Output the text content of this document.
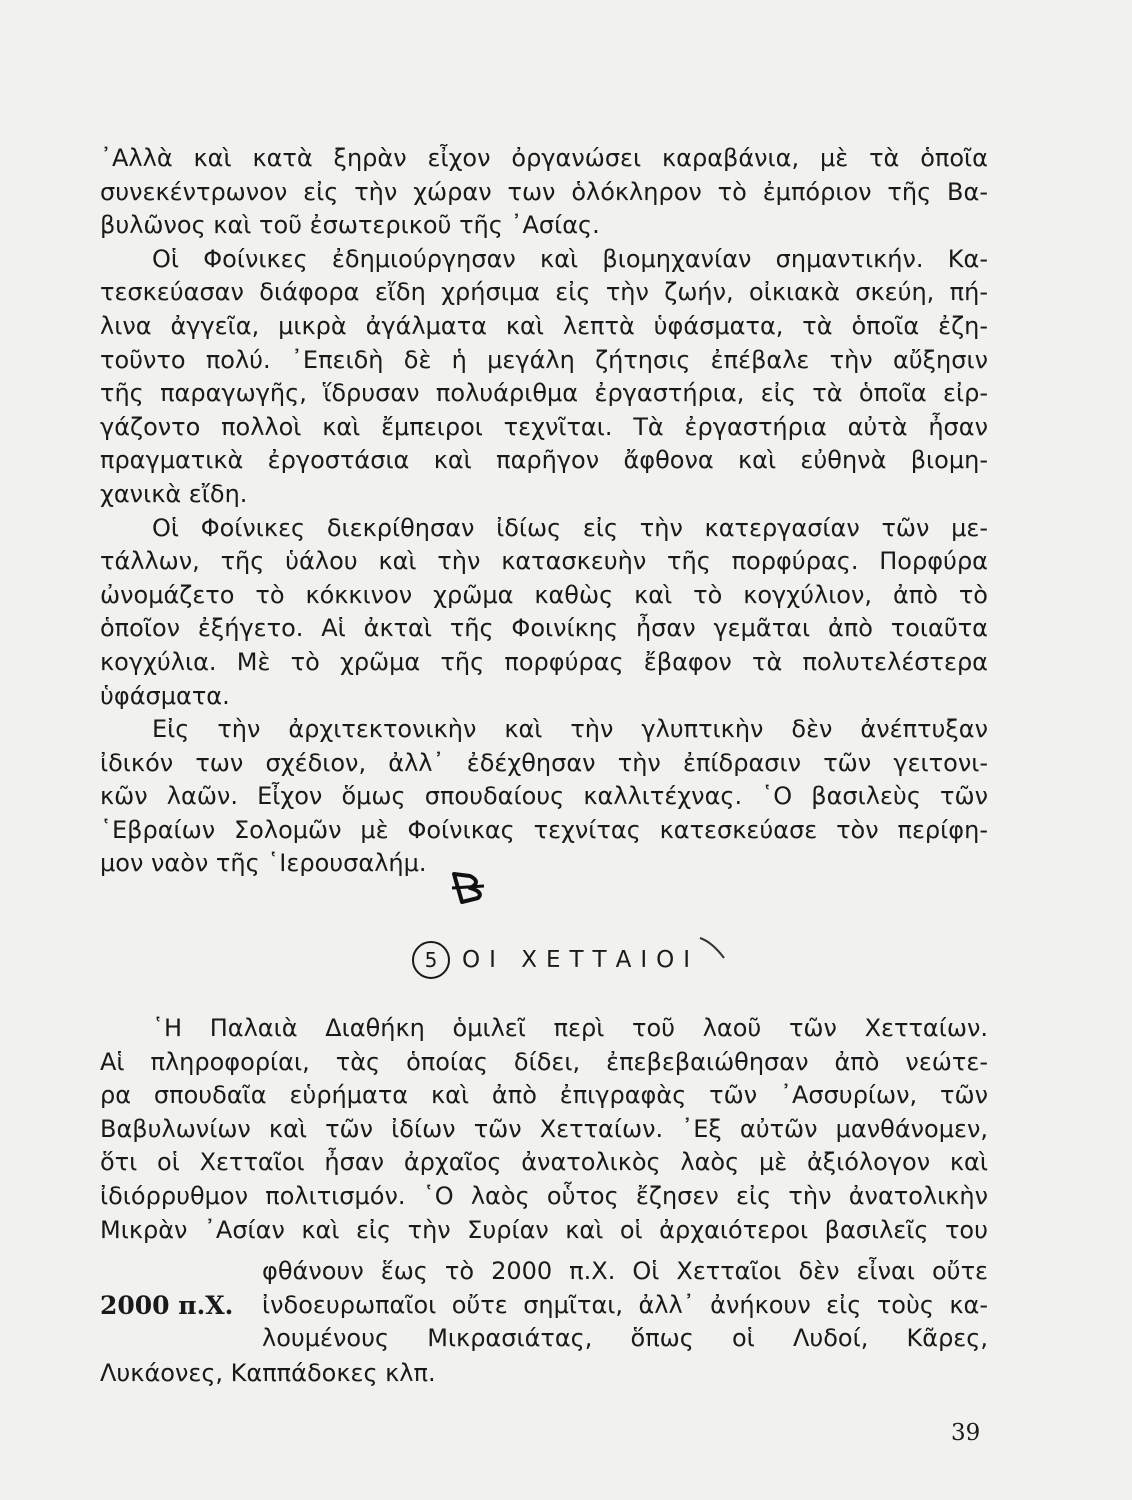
᾿Αλλὰ καὶ κατὰ ξηρὰν εἶχον ὀργανώσει καραβάνια, μὲ τὰ ὁποῖα
συνεκέντρωνον εἰς τὴν χώραν των ὁλόκληρον τὸ ἐμπόριον τῆς Βα-
βυλῶνος καὶ τοῦ ἐσωτερικοῦ τῆς ᾿Ασίας.
Οἱ Φοίνικες ἐδημιούργησαν καὶ βιομηχανίαν σημαντικήν. Κα-
τεσκεύασαν διάφορα εἴδη χρήσιμα εἰς τὴν ζωήν, οἰκιακὰ σκεύη, πή-
λινα ἀγγεῖα, μικρὰ ἀγάλματα καὶ λεπτὰ ὑφάσματα, τὰ ὁποῖα ἐζη-
τοῦντο πολύ. ᾿Επειδὴ δὲ ἡ μεγάλη ζήτησις ἐπέβαλε τὴν αὔξησιν
τῆς παραγωγῆς, ἵδρυσαν πολυάριθμα ἐργαστήρια, εἰς τὰ ὁποῖα εἰρ-
γάζοντο πολλοὶ καὶ ἔμπειροι τεχνῖται. Τὰ ἐργαστήρια αὐτὰ ἦσαν
πραγματικὰ ἐργοστάσια καὶ παρῆγον ἄφθονα καὶ εὐθηνὰ βιομη-
χανικὰ εἴδη.
Οἱ Φοίνικες διεκρίθησαν ἰδίως εἰς τὴν κατεργασίαν τῶν με-
τάλλων, τῆς ὑάλου καὶ τὴν κατασκευὴν τῆς πορφύρας. Πορφύρα
ὠνομάζετο τὸ κόκκινον χρῶμα καθὼς καὶ τὸ κογχύλιον, ἀπὸ τὸ
ὁποῖον ἐξήγετο. Αἱ ἀκταὶ τῆς Φοινίκης ἦσαν γεμᾶται ἀπὸ τοιαῦτα
κογχύλια. Μὲ τὸ χρῶμα τῆς πορφύρας ἔβαφον τὰ πολυτελέστερα
ὑφάσματα.
Εἰς τὴν ἀρχιτεκτονικὴν καὶ τὴν γλυπτικὴν δὲν ἀνέπτυξαν
ἰδικόν των σχέδιον, ἀλλ᾿ ἐδέχθησαν τὴν ἐπίδρασιν τῶν γειτονι-
κῶν λαῶν. Εἶχον ὅμως σπουδαίους καλλιτέχνας. ῾Ο βασιλεὺς τῶν
῾Εβραίων Σολομῶν μὲ Φοίνικας τεχνίτας κατεσκεύασε τὸν περίφη-
μον ναὸν τῆς ῾Ιερουσαλήμ.
5 ΟΙ ΧΕΤΤΑΙΟΙ
῾Η Παλαιὰ Διαθήκη ὁμιλεῖ περὶ τοῦ λαοῦ τῶν Χετταίων.
Αἱ πληροφορίαι, τὰς ὁποίας δίδει, ἐπεβεβαιώθησαν ἀπὸ νεώτε-
ρα σπουδαῖα εὑρήματα καὶ ἀπὸ ἐπιγραφὰς τῶν ᾿Ασσυρίων, τῶν
Βαβυλωνίων καὶ τῶν ἰδίων τῶν Χετταίων. ᾿Εξ αὐτῶν μανθάνομεν,
ὅτι οἱ Χετταῖοι ἦσαν ἀρχαῖος ἀνατολικὸς λαὸς μὲ ἀξιόλογον καὶ
ἰδιόρρυθμον πολιτισμόν. ῾Ο λαὸς οὗτος ἔζησεν εἰς τὴν ἀνατολικὴν
Μικρὰν ᾿Ασίαν καὶ εἰς τὴν Συρίαν καὶ οἱ ἀρχαιότεροι βασιλεῖς του
φθάνουν ἕως τὸ 2000 π.Χ. Οἱ Χετταῖοι δὲν εἶναι οὔτε
ἰνδοευρωπαῖοι οὔτε σημῖται, ἀλλ᾿ ἀνήκουν εἰς τοὺς κα-
λουμένους Μικρασιάτας, ὅπως οἱ Λυδοί, Κᾶρες,
2000 π.Χ.
Λυκάονες, Καππάδοκες κλπ.
39
